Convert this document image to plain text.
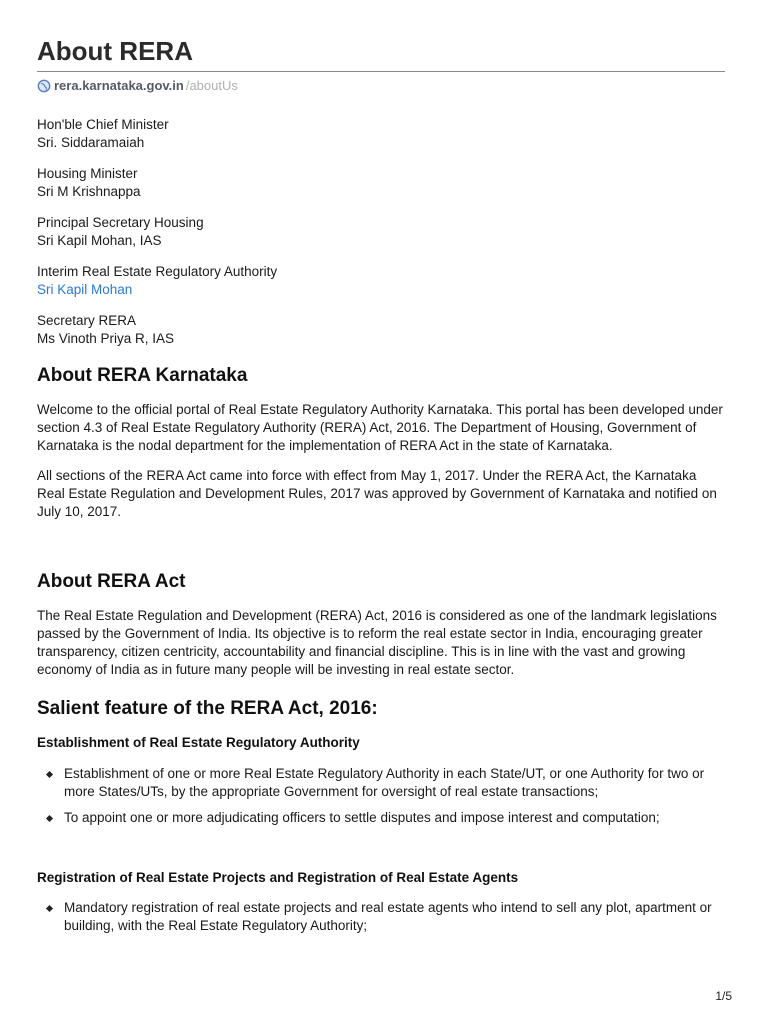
About RERA
rera.karnataka.gov.in /aboutUs
Hon'ble Chief Minister
Sri. Siddaramaiah
Housing Minister
Sri M Krishnappa
Principal Secretary Housing
Sri Kapil Mohan, IAS
Interim Real Estate Regulatory Authority
Sri Kapil Mohan
Secretary RERA
Ms Vinoth Priya R, IAS
About RERA Karnataka

Welcome to the official portal of Real Estate Regulatory Authority Karnataka. This portal has been developed under section 4.3 of Real Estate Regulatory Authority (RERA) Act, 2016. The Department of Housing, Government of Karnataka is the nodal department for the implementation of RERA Act in the state of Karnataka.

All sections of the RERA Act came into force with effect from May 1, 2017. Under the RERA Act, the Karnataka Real Estate Regulation and Development Rules, 2017 was approved by Government of Karnataka and notified on July 10, 2017.

About RERA Act

The Real Estate Regulation and Development (RERA) Act, 2016 is considered as one of the landmark legislations passed by the Government of India. Its objective is to reform the real estate sector in India, encouraging greater transparency, citizen centricity, accountability and financial discipline. This is in line with the vast and growing economy of India as in future many people will be investing in real estate sector.

Salient feature of the RERA Act, 2016:
Establishment of Real Estate Regulatory Authority
Establishment of one or more Real Estate Regulatory Authority in each State/UT, or one Authority for two or more States/UTs, by the appropriate Government for oversight of real estate transactions;
To appoint one or more adjudicating officers to settle disputes and impose interest and computation;
Registration of Real Estate Projects and Registration of Real Estate Agents
Mandatory registration of real estate projects and real estate agents who intend to sell any plot, apartment or building, with the Real Estate Regulatory Authority;
1/5
